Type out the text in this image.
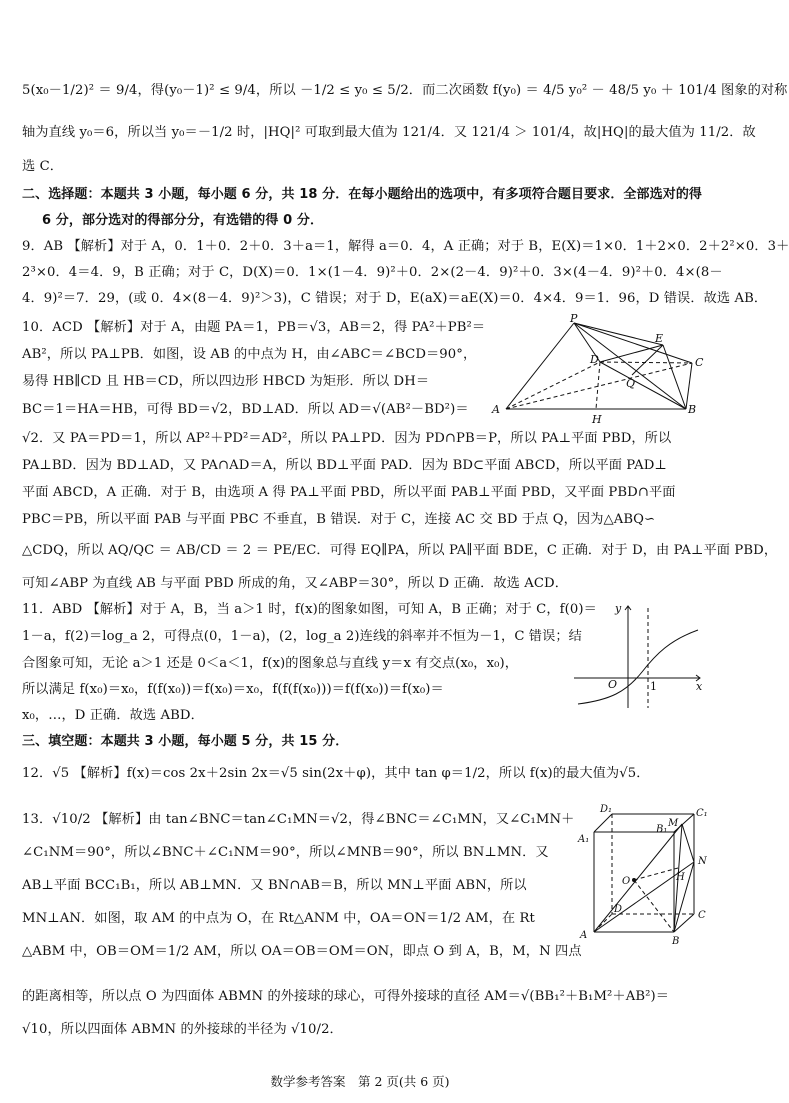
5(x₀－1/2)² ＝ 9/4，得(y₀－1)² ≤ 9/4，所以 －1/2 ≤ y₀ ≤ 5/2．而二次函数 f(y₀) ＝ 4/5 y₀² － 48/5 y₀ ＋ 101/4 图象的对称
轴为直线 y₀＝6，所以当 y₀＝－1/2 时，|HQ|² 可取到最大值为 121/4．又 121/4 ＞ 101/4，故|HQ|的最大值为 11/2．故
选 C．
二、选择题：本题共 3 小题，每小题 6 分，共 18 分．在每小题给出的选项中，有多项符合题目要求．全部选对的得
6 分，部分选对的得部分分，有选错的得 0 分．
9．AB 【解析】对于 A，0．1＋0．2＋0．3＋a＝1，解得 a＝0．4，A 正确；对于 B，E(X)＝1×0．1＋2×0．2＋2²×0．3＋
2³×0．4＝4．9，B 正确；对于 C，D(X)＝0．1×(1－4．9)²＋0．2×(2－4．9)²＋0．3×(4－4．9)²＋0．4×(8－
4．9)²＝7．29，(或 0．4×(8－4．9)²＞3)，C 错误；对于 D，E(aX)＝aE(X)＝0．4×4．9＝1．96，D 错误．故选 AB．
10．ACD 【解析】对于 A，由题 PA＝1，PB＝√3，AB＝2，得 PA²＋PB²＝
AB²，所以 PA⊥PB．如图，设 AB 的中点为 H，由∠ABC＝∠BCD＝90°，
易得 HB∥CD 且 HB＝CD，所以四边形 HBCD 为矩形．所以 DH＝
BC＝1＝HA＝HB，可得 BD＝√2，BD⊥AD．所以 AD＝√(AB²－BD²)＝
√2．又 PA＝PD＝1，所以 AP²＋PD²＝AD²，所以 PA⊥PD．因为 PD∩PB＝P，所以 PA⊥平面 PBD，所以
PA⊥BD．因为 BD⊥AD，又 PA∩AD＝A，所以 BD⊥平面 PAD．因为 BD⊂平面 ABCD，所以平面 PAD⊥
平面 ABCD，A 正确．对于 B，由选项 A 得 PA⊥平面 PBD，所以平面 PAB⊥平面 PBD，又平面 PBD∩平面
PBC＝PB，所以平面 PAB 与平面 PBC 不垂直，B 错误．对于 C，连接 AC 交 BD 于点 Q，因为△ABQ∽
△CDQ，所以 AQ/QC ＝ AB/CD ＝ 2 ＝ PE/EC．可得 EQ∥PA，所以 PA∥平面 BDE，C 正确．对于 D，由 PA⊥平面 PBD，
可知∠ABP 为直线 AB 与平面 PBD 所成的角，又∠ABP＝30°，所以 D 正确．故选 ACD．
11．ABD 【解析】对于 A，B，当 a＞1 时，f(x)的图象如图，可知 A，B 正确；对于 C，f(0)＝
1－a，f(2)＝log_a 2，可得点(0，1－a)，(2，log_a 2)连线的斜率并不恒为－1，C 错误；结
合图象可知，无论 a＞1 还是 0＜a＜1，f(x)的图象总与直线 y＝x 有交点(x₀，x₀)，
所以满足 f(x₀)＝x₀，f(f(x₀))＝f(x₀)＝x₀，f(f(f(x₀)))＝f(f(x₀))＝f(x₀)＝
x₀，…，D 正确．故选 ABD．
三、填空题：本题共 3 小题，每小题 5 分，共 15 分．
12．√5 【解析】f(x)＝cos 2x＋2sin 2x＝√5 sin(2x＋φ)，其中 tan φ＝1/2，所以 f(x)的最大值为√5．
13．√10/2 【解析】由 tan∠BNC＝tan∠C₁MN＝√2，得∠BNC＝∠C₁MN，又∠C₁MN＋
∠C₁NM＝90°，所以∠BNC＋∠C₁NM＝90°，所以∠MNB＝90°，所以 BN⊥MN．又
AB⊥平面 BCC₁B₁，所以 AB⊥MN．又 BN∩AB＝B，所以 MN⊥平面 ABN，所以
MN⊥AN．如图，取 AM 的中点为 O，在 Rt△ANM 中，OA＝ON＝1/2 AM，在 Rt
△ABM 中，OB＝OM＝1/2 AM，所以 OA＝OB＝OM＝ON，即点 O 到 A，B，M，N 四点
的距离相等，所以点 O 为四面体 ABMN 的外接球的球心，可得外接球的直径 AM＝√(BB₁²＋B₁M²＋AB²)＝
√10，所以四面体 ABMN 的外接球的半径为 √10/2．
P
D
E
C
Q
A
H
B
y
O	1	x
D₁	C₁
A₁
B₁
M
N
O	H
D
C
A
B
数学参考答案　第 2 页(共 6 页)
